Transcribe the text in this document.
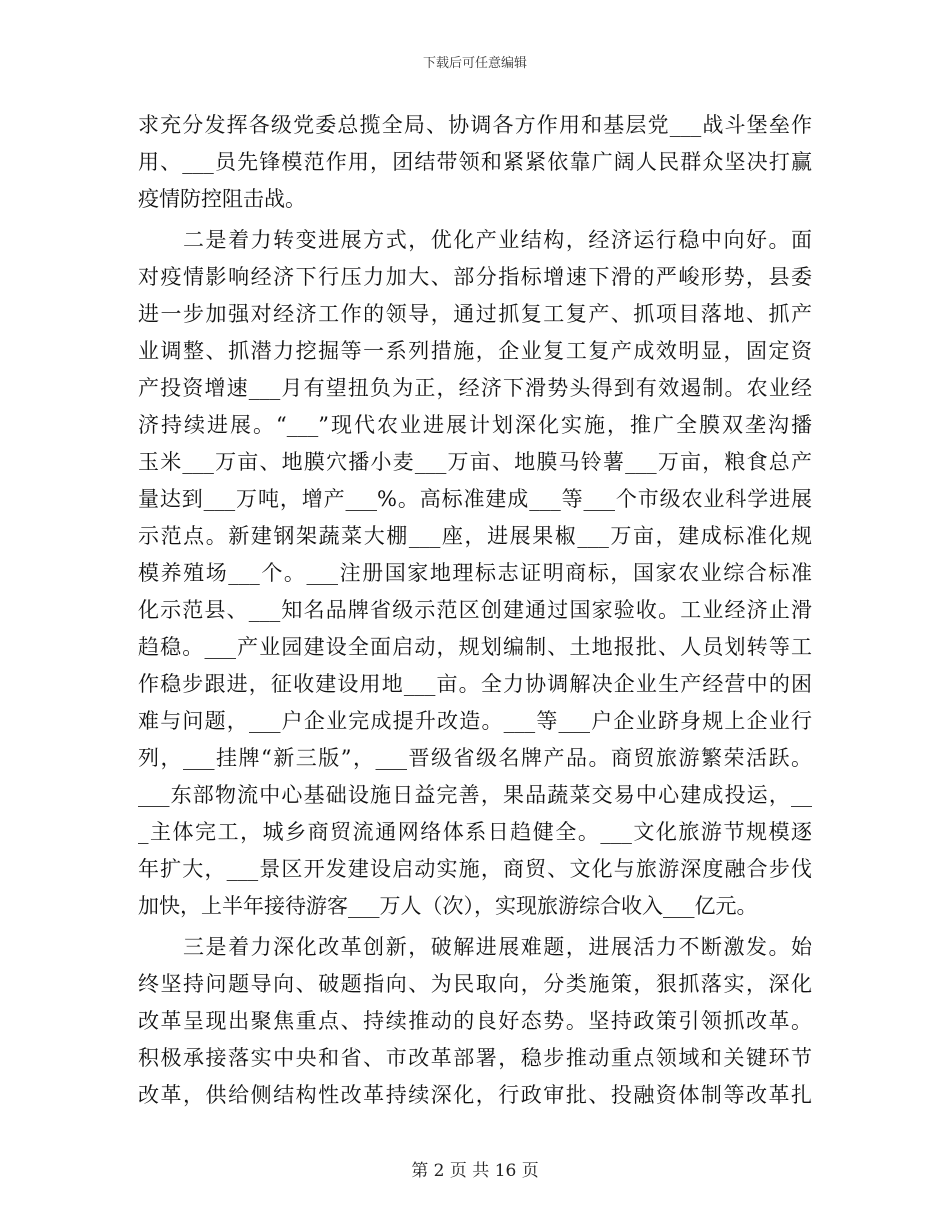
下载后可任意编辑
求充分发挥各级党委总揽全局、协调各方作用和基层党___战斗堡垒作
用、___员先锋模范作用，团结带领和紧紧依靠广阔人民群众坚决打赢
疫情防控阻击战。
　　二是着力转变进展方式，优化产业结构，经济运行稳中向好。面
对疫情影响经济下行压力加大、部分指标增速下滑的严峻形势，县委
进一步加强对经济工作的领导，通过抓复工复产、抓项目落地、抓产
业调整、抓潜力挖掘等一系列措施，企业复工复产成效明显，固定资
产投资增速___月有望扭负为正，经济下滑势头得到有效遏制。农业经
济持续进展。“___”现代农业进展计划深化实施，推广全膜双垄沟播
玉米___万亩、地膜穴播小麦___万亩、地膜马铃薯___万亩，粮食总产
量达到___万吨，增产___%。高标准建成___等___个市级农业科学进展
示范点。新建钢架蔬菜大棚___座，进展果椒___万亩，建成标准化规
模养殖场___个。___注册国家地理标志证明商标，国家农业综合标准
化示范县、___知名品牌省级示范区创建通过国家验收。工业经济止滑
趋稳。___产业园建设全面启动，规划编制、土地报批、人员划转等工
作稳步跟进，征收建设用地___亩。全力协调解决企业生产经营中的困
难与问题，___户企业完成提升改造。___等___户企业跻身规上企业行
列，___挂牌“新三版”，___晋级省级名牌产品。商贸旅游繁荣活跃。
___东部物流中心基础设施日益完善，果品蔬菜交易中心建成投运，__
_主体完工，城乡商贸流通网络体系日趋健全。___文化旅游节规模逐
年扩大，___景区开发建设启动实施，商贸、文化与旅游深度融合步伐
加快，上半年接待游客___万人（次），实现旅游综合收入___亿元。
　　三是着力深化改革创新，破解进展难题，进展活力不断激发。始
终坚持问题导向、破题指向、为民取向，分类施策，狠抓落实，深化
改革呈现出聚焦重点、持续推动的良好态势。坚持政策引领抓改革。
积极承接落实中央和省、市改革部署，稳步推动重点领域和关键环节
改革，供给侧结构性改革持续深化，行政审批、投融资体制等改革扎
第 2 页 共 16 页
